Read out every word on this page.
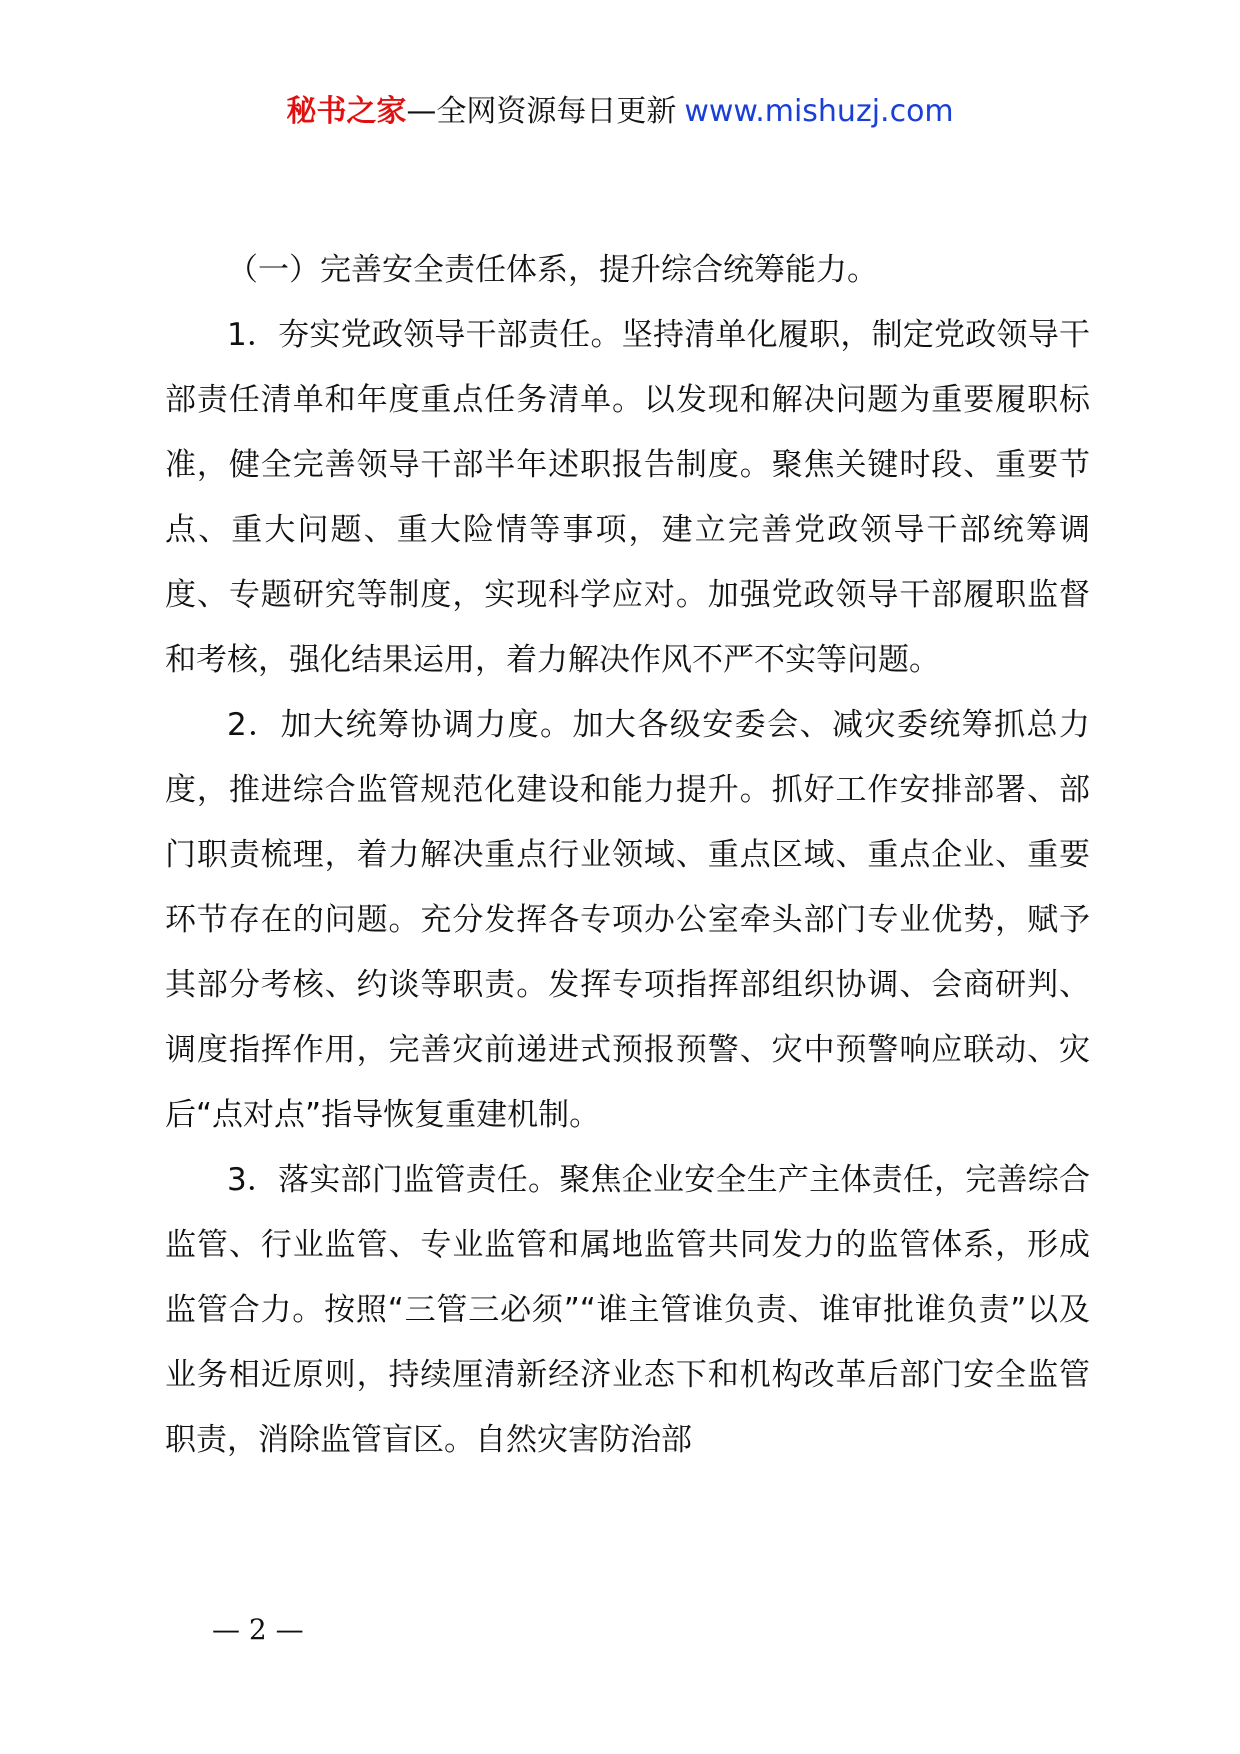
秘书之家—全网资源每日更新 www.mishuzj.com

（一）完善安全责任体系，提升综合统筹能力。

1．夯实党政领导干部责任。坚持清单化履职，制定党政领导干部责任清单和年度重点任务清单。以发现和解决问题为重要履职标准，健全完善领导干部半年述职报告制度。聚焦关键时段、重要节点、重大问题、重大险情等事项，建立完善党政领导干部统筹调度、专题研究等制度，实现科学应对。加强党政领导干部履职监督和考核，强化结果运用，着力解决作风不严不实等问题。

2．加大统筹协调力度。加大各级安委会、减灾委统筹抓总力度，推进综合监管规范化建设和能力提升。抓好工作安排部署、部门职责梳理，着力解决重点行业领域、重点区域、重点企业、重要环节存在的问题。充分发挥各专项办公室牵头部门专业优势，赋予其部分考核、约谈等职责。发挥专项指挥部组织协调、会商研判、调度指挥作用，完善灾前递进式预报预警、灾中预警响应联动、灾后“点对点”指导恢复重建机制。

3．落实部门监管责任。聚焦企业安全生产主体责任，完善综合监管、行业监管、专业监管和属地监管共同发力的监管体系，形成监管合力。按照“三管三必须”“谁主管谁负责、谁审批谁负责”以及业务相近原则，持续厘清新经济业态下和机构改革后部门安全监管职责，消除监管盲区。自然灾害防治部

— 2 —
